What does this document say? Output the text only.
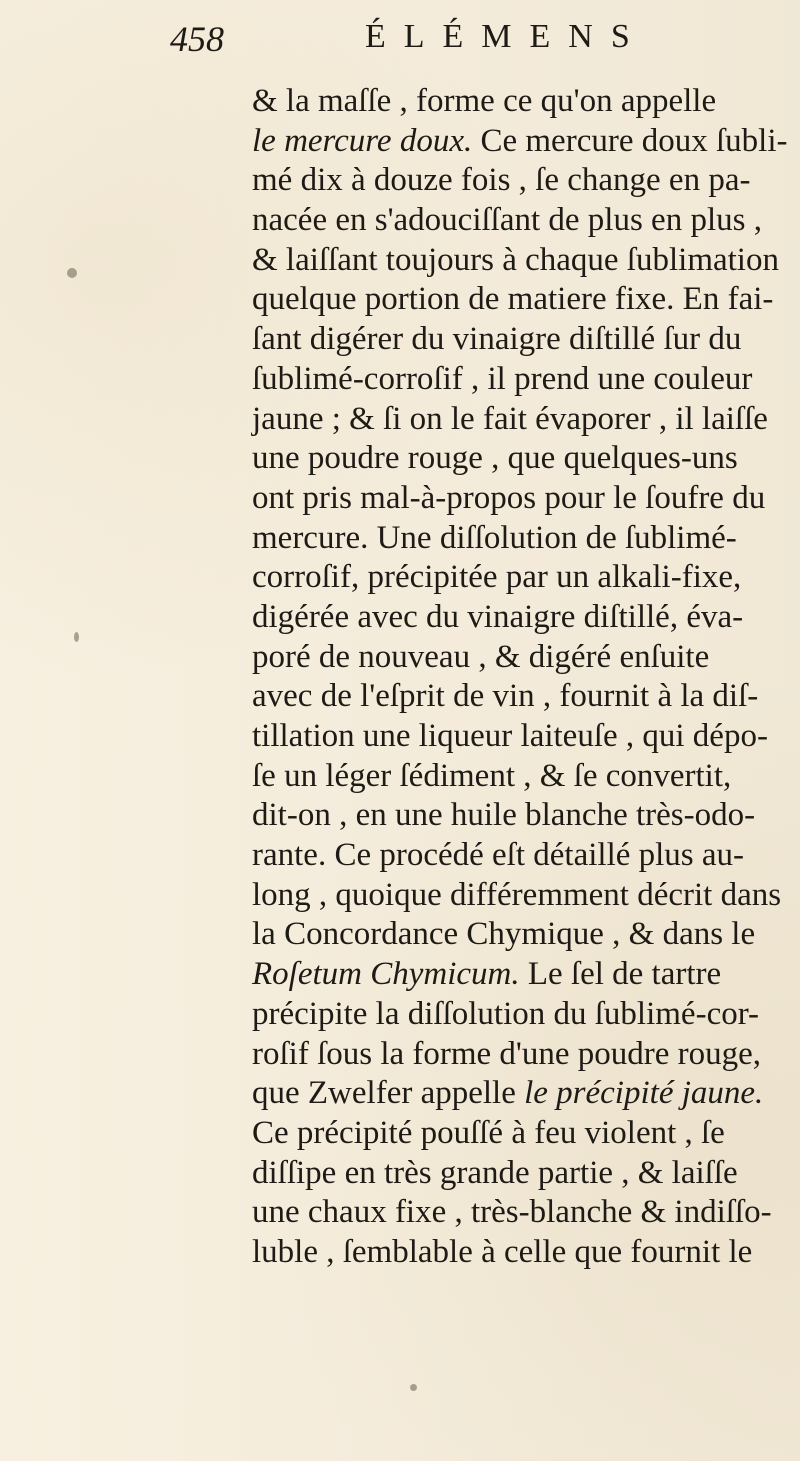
458	ÉLÉMENS
& la maſſe , forme ce qu'on appelle
le mercure doux. Ce mercure doux ſubli-
mé dix à douze fois , ſe change en pa-
nacée en s'adouciſſant de plus en plus ,
& laiſſant toujours à chaque ſublimation
quelque portion de matiere fixe. En fai-
ſant digérer du vinaigre diſtillé ſur du
ſublimé-corroſif , il prend une couleur
jaune ; & ſi on le fait évaporer , il laiſſe
une poudre rouge , que quelques-uns
ont pris mal-à-propos pour le ſoufre du
mercure. Une diſſolution de ſublimé-
corroſif, précipitée par un alkali-fixe,
digérée avec du vinaigre diſtillé, éva-
poré de nouveau , & digéré enſuite
avec de l'eſprit de vin , fournit à la diſ-
tillation une liqueur laiteuſe , qui dépo-
ſe un léger ſédiment , & ſe convertit,
dit-on , en une huile blanche très-odo-
rante. Ce procédé eſt détaillé plus au-
long , quoique différemment décrit dans
la Concordance Chymique , & dans le
Roſetum Chymicum. Le ſel de tartre
précipite la diſſolution du ſublimé-cor-
roſif ſous la forme d'une poudre rouge,
que Zwelfer appelle le précipité jaune.
Ce précipité pouſſé à feu violent , ſe
diſſipe en très grande partie , & laiſſe
une chaux fixe , très-blanche & indiſſo-
luble , ſemblable à celle que fournit le
